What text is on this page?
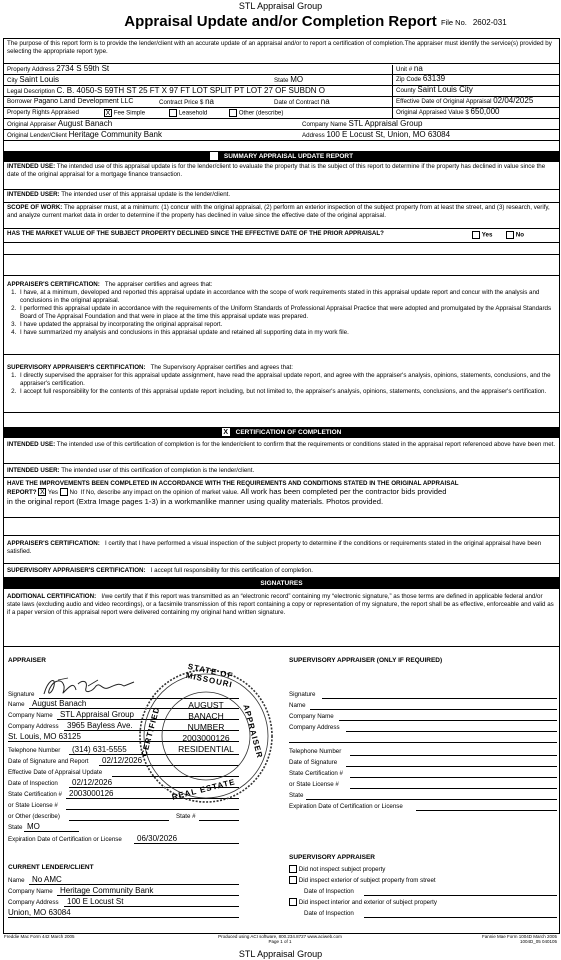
STL Appraisal Group
Appraisal Update and/or Completion Report File No. 2602-031
The purpose of this report form is to provide the lender/client with an accurate update of an appraisal and/or to report a certification of completion.The appraiser must identify the service(s) provided by selecting the appropriate report type.
Property Address 2734 S 59th St	Unit # na
City Saint Louis	State MO	Zip Code 63139
Legal Description C. B. 4050-S 59TH ST 25 FT X 97 FT LOT SPLIT PT LOT 27 OF SUBDN O	County Saint Louis City
Borrower Pagano Land Development LLC	Contract Price $ na	Date of Contract na	Effective Date of Original Appraisal 02/04/2025
Property Rights Appraised	X Fee Simple	Leasehold	Other (describe)	Original Appraised Value $ 650,000
Original Appraiser August Banach	Company Name STL Appraisal Group
Original Lender/Client Heritage Community Bank	Address 100 E Locust St, Union, MO 63084
SUMMARY APPRAISAL UPDATE REPORT
INTENDED USE: The intended use of this appraisal update is for the lender/client to evaluate the property that is the subject of this report to determine if the property has declined in value since the date of the original appraisal for a mortgage finance transaction.
INTENDED USER: The intended user of this appraisal update is the lender/client.
SCOPE OF WORK: The appraiser must, at a minimum: (1) concur with the original appraisal, (2) perform an exterior inspection of the subject property from at least the street, and (3) research, verify, and analyze current market data in order to determine if the property has declined in value since the effective date of the original appraisal.
HAS THE MARKET VALUE OF THE SUBJECT PROPERTY DECLINED SINCE THE EFFECTIVE DATE OF THE PRIOR APPRAISAL?	Yes	No
APPRAISER'S CERTIFICATION: The appraiser certifies and agrees that:
1. I have, at a minimum, developed and reported this appraisal update in accordance with the scope of work requirements stated in this appraisal update report and concur with the analysis and conclusions in the original appraisal.
2. I performed this appraisal update in accordance with the requirements of the Uniform Standards of Professional Appraisal Practice that were adopted and promulgated by the Appraisal Standards Board of The Appraisal Foundation and that were in place at the time this appraisal update was prepared.
3. I have updated the appraisal by incorporating the original appraisal report.
4. I have summarized my analysis and conclusions in this appraisal update and retained all supporting data in my work file.
SUPERVISORY APPRAISER'S CERTIFICATION: The Supervisory Appraiser certifies and agrees that:
1. I directly supervised the appraiser for this appraisal update assignment, have read the appraisal update report, and agree with the appraiser's analysis, opinions, statements, conclusions, and the appraiser's certification.
2. I accept full responsibility for the contents of this appraisal update report including, but not limited to, the appraiser's analysis, opinions, statements, conclusions, and the appraiser's certification.
X CERTIFICATION OF COMPLETION
INTENDED USE: The intended use of this certification of completion is for the lender/client to confirm that the requirements or conditions stated in the appraisal report referenced above have been met.
INTENDED USER: The intended user of this certification of completion is the lender/client.
HAVE THE IMPROVEMENTS BEEN COMPLETED IN ACCORDANCE WITH THE REQUIREMENTS AND CONDITIONS STATED IN THE ORIGINAL APPRAISAL
REPORT? X Yes No If No, describe any impact on the opinion of market value. All work has been completed per the contractor bids provided

in the original report (Extra Image pages 1-3) in a workmanlike manner using quality materials. Photos provided.
APPRAISER'S CERTIFICATION: I certify that I have performed a visual inspection of the subject property to determine if the conditions or requirements stated in the original appraisal have been satisfied.
SUPERVISORY APPRAISER'S CERTIFICATION: I accept full responsibility for this certification of completion.
SIGNATURES
ADDITIONAL CERTIFICATION: I/we certify that if this report was transmitted as an “electronic record” containing my “electronic signature,” as those terms are defined in applicable federal and/or state laws (excluding audio and video recordings), or a facsimile transmission of this report containing a copy or representation of my signature, the report shall be as effective, enforceable and valid as if a paper version of this appraisal report were delivered containing my original hand written signature.
APPRAISER
Signature
Name August Banach
Company Name STL Appraisal Group
Company Address	3965 Bayless Ave.
St. Louis, MO 63125
Telephone Number	(314) 631-5555
Date of Signature and Report	02/12/2026
Effective Date of Appraisal Update
Date of Inspection	02/12/2026
State Certification # 2003000126
or State License #
or Other (describe)	State #
State MO
Expiration Date of Certification or License	06/30/2026
STATE OF MISSOURI
CERTIFIED	APPRAISER
REAL ESTATE
AUGUST
BANACH
NUMBER
2003000126
RESIDENTIAL
CURRENT LENDER/CLIENT
Name No AMC
Company Name Heritage Community Bank
Company Address	100 E Locust St
Union, MO 63084
SUPERVISORY APPRAISER (ONLY IF REQUIRED)
Signature
Name
Company Name
Company Address
Telephone Number
Date of Signature
State Certification #
or State License #
State
Expiration Date of Certification or License
SUPERVISORY APPRAISER
Did not inspect subject property
Did inspect exterior of subject property from street
Date of Inspection
Did inspect interior and exterior of subject property
Date of Inspection
Freddie Mac Form 442 March 2005	Produced using ACI software, 800.234.8727 www.aciweb.com
Page 1 of 1
Fannie Mae Form 1004D March 2005
1004D_05 040105
STL Appraisal Group
